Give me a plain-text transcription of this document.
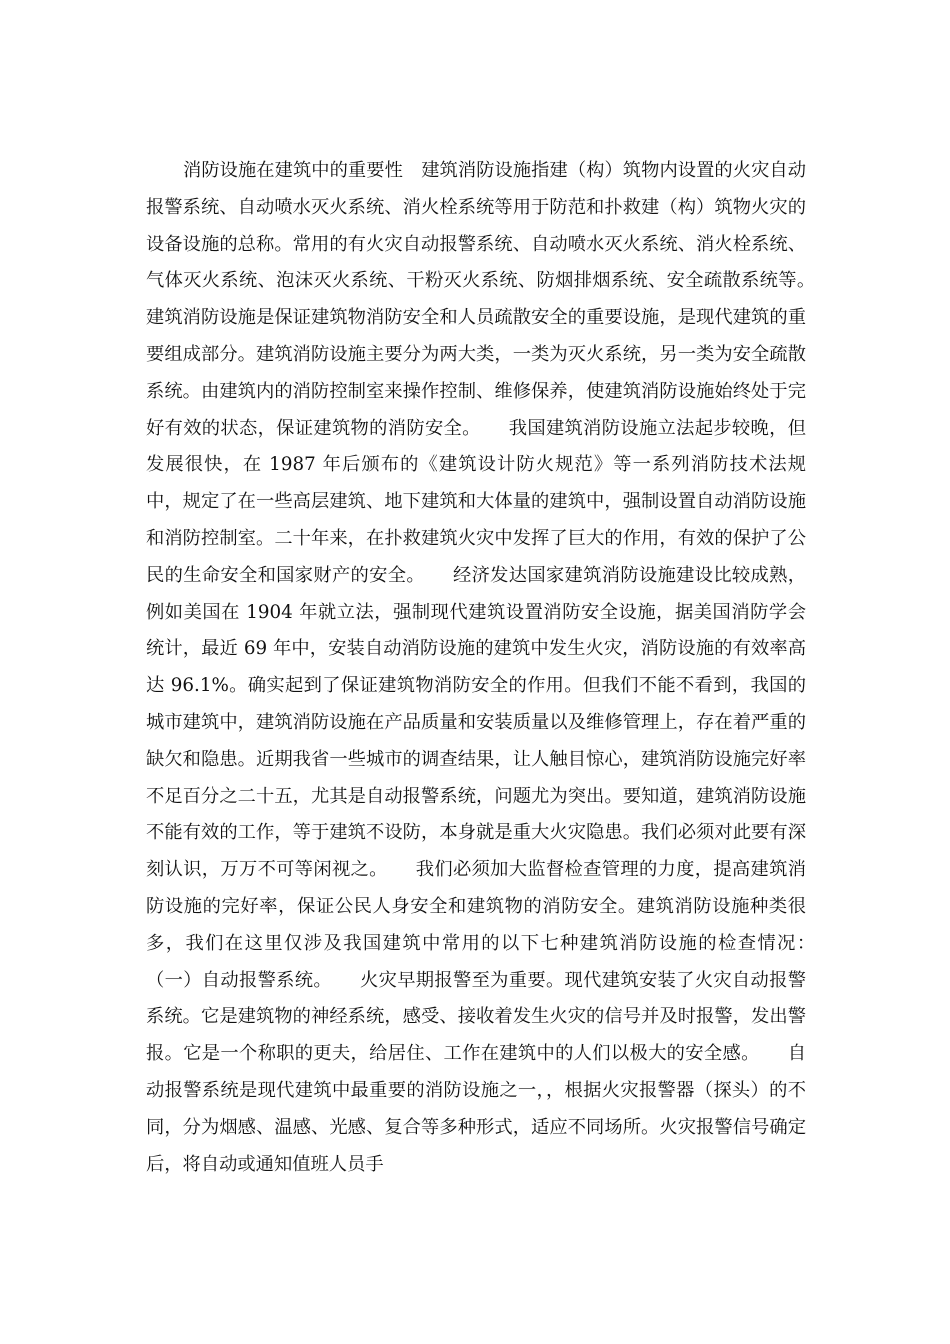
消防设施在建筑中的重要性　建筑消防设施指建（构）筑物内设置的火灾自动报警系统、自动喷水灭火系统、消火栓系统等用于防范和扑救建（构）筑物火灾的设备设施的总称。常用的有火灾自动报警系统、自动喷水灭火系统、消火栓系统、气体灭火系统、泡沫灭火系统、干粉灭火系统、防烟排烟系统、安全疏散系统等。　　　建筑消防设施是保证建筑物消防安全和人员疏散安全的重要设施，是现代建筑的重要组成部分。建筑消防设施主要分为两大类，一类为灭火系统，另一类为安全疏散系统。由建筑内的消防控制室来操作控制、维修保养，使建筑消防设施始终处于完好有效的状态，保证建筑物的消防安全。　　我国建筑消防设施立法起步较晚，但发展很快，在 1987 年后颁布的《建筑设计防火规范》等一系列消防技术法规中，规定了在一些高层建筑、地下建筑和大体量的建筑中，强制设置自动消防设施和消防控制室。二十年来，在扑救建筑火灾中发挥了巨大的作用，有效的保护了公民的生命安全和国家财产的安全。　　经济发达国家建筑消防设施建设比较成熟，例如美国在 1904 年就立法，强制现代建筑设置消防安全设施，据美国消防学会统计，最近 69 年中，安装自动消防设施的建筑中发生火灾，消防设施的有效率高达 96.1%。确实起到了保证建筑物消防安全的作用。但我们不能不看到，我国的城市建筑中，建筑消防设施在产品质量和安装质量以及维修管理上，存在着严重的缺欠和隐患。近期我省一些城市的调查结果，让人触目惊心，建筑消防设施完好率不足百分之二十五，尤其是自动报警系统，问题尤为突出。要知道，建筑消防设施不能有效的工作，等于建筑不设防，本身就是重大火灾隐患。我们必须对此要有深刻认识，万万不可等闲视之。　　我们必须加大监督检查管理的力度，提高建筑消防设施的完好率，保证公民人身安全和建筑物的消防安全。建筑消防设施种类很多，我们在这里仅涉及我国建筑中常用的以下七种建筑消防设施的检查情况：　　（一）自动报警系统。　　火灾早期报警至为重要。现代建筑安装了火灾自动报警系统。它是建筑物的神经系统，感受、接收着发生火灾的信号并及时报警，发出警报。它是一个称职的更夫，给居住、工作在建筑中的人们以极大的安全感。　　自动报警系统是现代建筑中最重要的消防设施之一，，根据火灾报警器（探头）的不同，分为烟感、温感、光感、复合等多种形式，适应不同场所。火灾报警信号确定后，将自动或通知值班人员手
